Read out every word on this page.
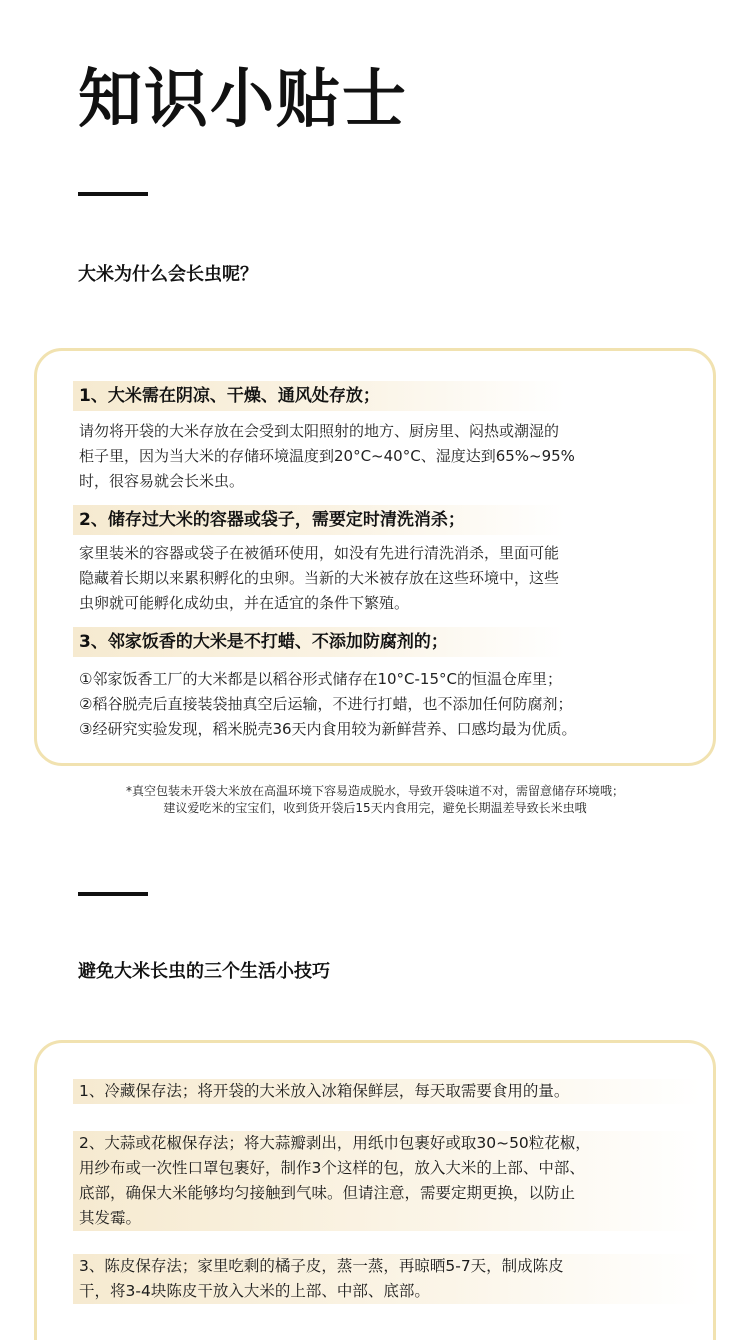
知识小贴士
大米为什么会长虫呢？
1、大米需在阴凉、干燥、通风处存放；
请勿将开袋的大米存放在会受到太阳照射的地方、厨房里、闷热或潮湿的
柜子里，因为当大米的存储环境温度到20°C~40°C、湿度达到65%~95%
时，很容易就会长米虫。
2、储存过大米的容器或袋子，需要定时清洗消杀；
家里装米的容器或袋子在被循环使用，如没有先进行清洗消杀，里面可能
隐藏着长期以来累积孵化的虫卵。当新的大米被存放在这些环境中，这些
虫卵就可能孵化成幼虫，并在适宜的条件下繁殖。
3、邻家饭香的大米是不打蜡、不添加防腐剂的；
①邻家饭香工厂的大米都是以稻谷形式储存在10°C-15°C的恒温仓库里；
②稻谷脱壳后直接装袋抽真空后运输，不进行打蜡，也不添加任何防腐剂；
③经研究实验发现，稻米脱壳36天内食用较为新鲜营养、口感均最为优质。
*真空包装未开袋大米放在高温环境下容易造成脱水，导致开袋味道不对，需留意储存环境哦；
建议爱吃米的宝宝们，收到货开袋后15天内食用完，避免长期温差导致长米虫哦
避免大米长虫的三个生活小技巧
1、冷藏保存法；将开袋的大米放入冰箱保鲜层，每天取需要食用的量。
2、大蒜或花椒保存法；将大蒜瓣剥出，用纸巾包裹好或取30~50粒花椒，
用纱布或一次性口罩包裹好，制作3个这样的包，放入大米的上部、中部、
底部，确保大米能够均匀接触到气味。但请注意，需要定期更换，以防止
其发霉。
3、陈皮保存法；家里吃剩的橘子皮，蒸一蒸，再晾晒5-7天，制成陈皮
干，将3-4块陈皮干放入大米的上部、中部、底部。
